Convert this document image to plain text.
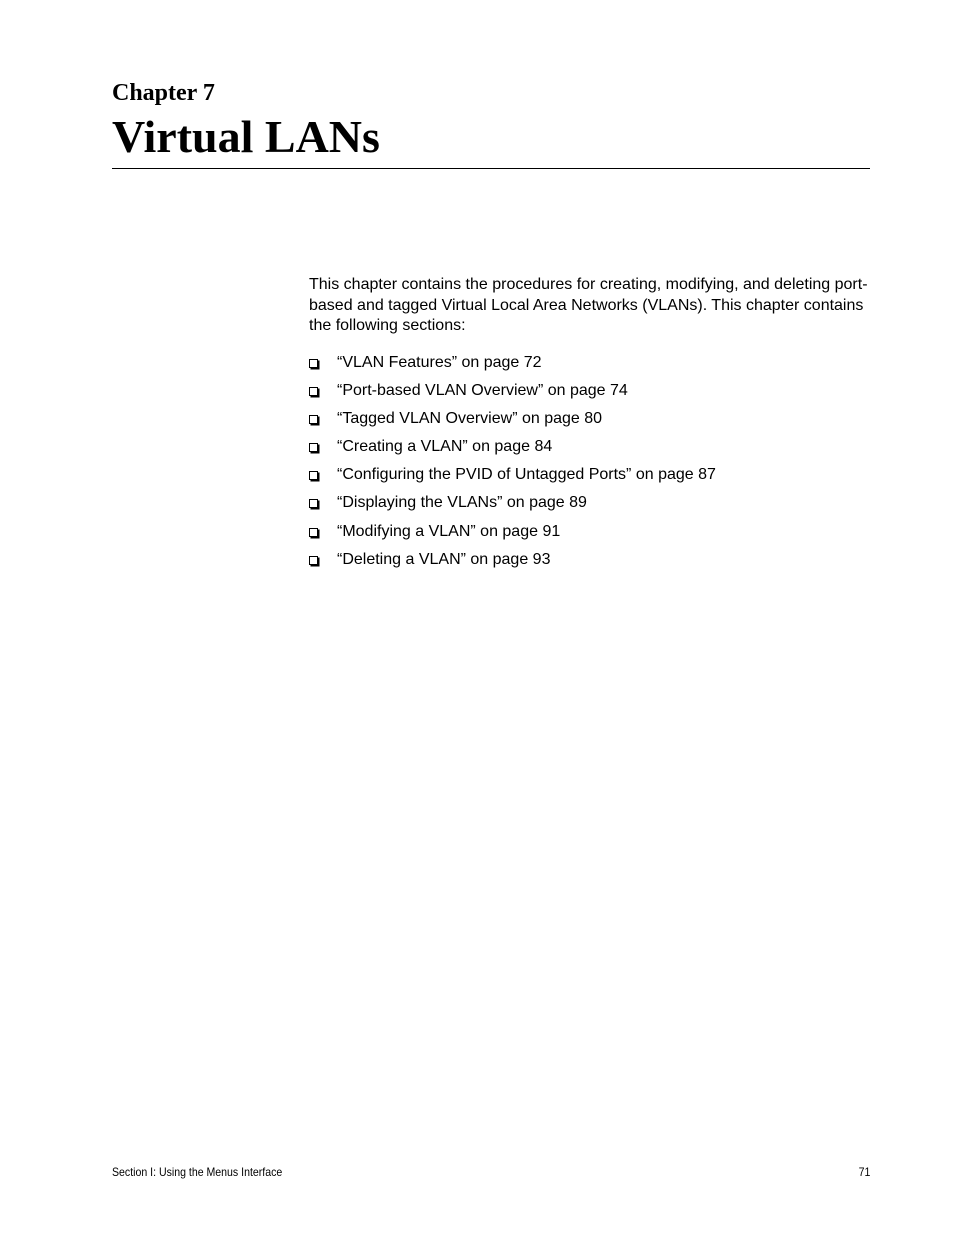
Chapter 7
Virtual LANs

This chapter contains the procedures for creating, modifying, and deleting port-based and tagged Virtual Local Area Networks (VLANs). This chapter contains the following sections:

“VLAN Features” on page 72
“Port-based VLAN Overview” on page 74
“Tagged VLAN Overview” on page 80
“Creating a VLAN” on page 84
“Configuring the PVID of Untagged Ports” on page 87
“Displaying the VLANs” on page 89
“Modifying a VLAN” on page 91
“Deleting a VLAN” on page 93
Section I: Using the Menus Interface	71
